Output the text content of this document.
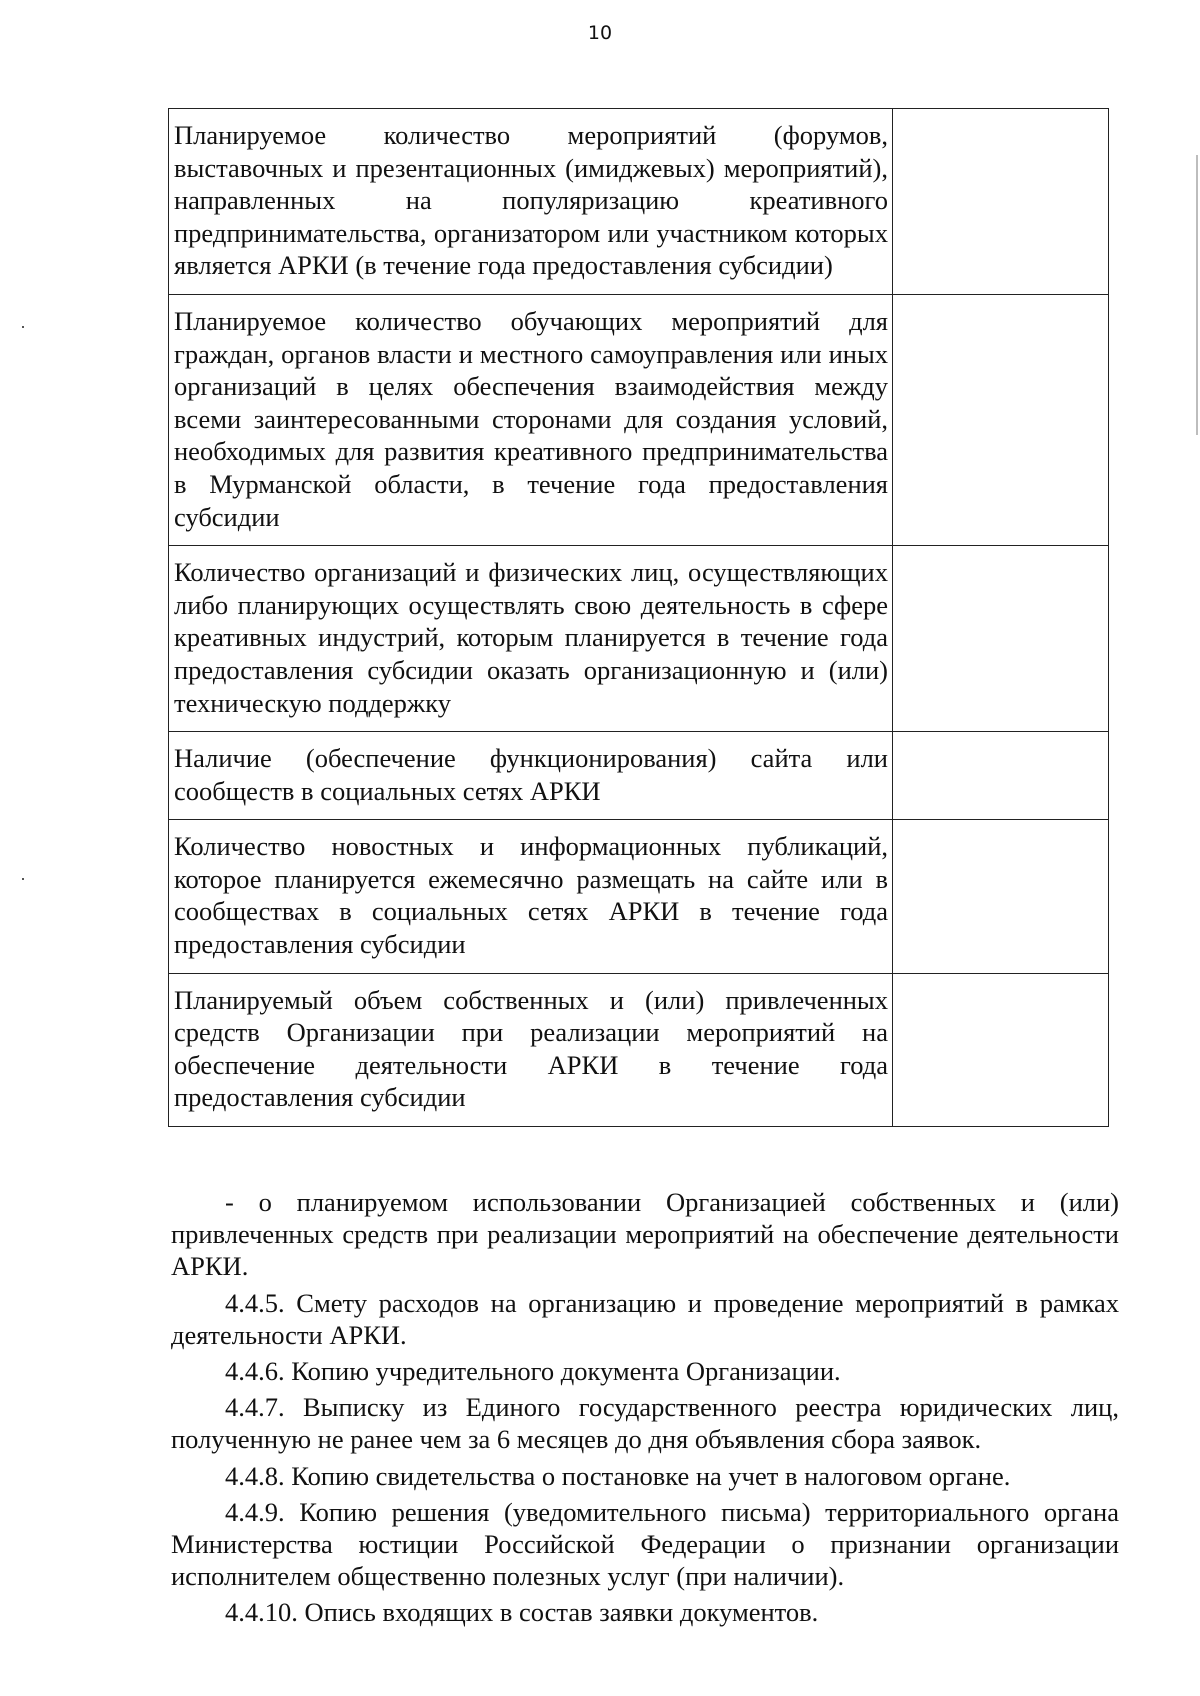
10
Планируемое количество мероприятий (форумов, выставочных и презентационных (имиджевых) мероприятий), направленных на популяризацию креативного предпринимательства, организатором или участником которых является АРКИ (в течение года предоставления субсидии)	
Планируемое количество обучающих мероприятий для граждан, органов власти и местного самоуправления или иных организаций в целях обеспечения взаимодействия между всеми заинтересованными сторонами для создания условий, необходимых для развития креативного предпринимательства в Мурманской области, в течение года предоставления субсидии	
Количество организаций и физических лиц, осуществляющих либо планирующих осуществлять свою деятельность в сфере креативных индустрий, которым планируется в течение года предоставления субсидии оказать организационную и (или) техническую поддержку	
Наличие (обеспечение функционирования) сайта или сообществ в социальных сетях АРКИ	
Количество новостных и информационных публикаций, которое планируется ежемесячно размещать на сайте или в сообществах в социальных сетях АРКИ в течение года предоставления субсидии	
Планируемый объем собственных и (или) привлеченных средств Организации при реализации мероприятий на обеспечение деятельности АРКИ в течение года предоставления субсидии	

- о планируемом использовании Организацией собственных и (или) привлеченных средств при реализации мероприятий на обеспечение деятельности АРКИ.

4.4.5. Смету расходов на организацию и проведение мероприятий в рамках деятельности АРКИ.

4.4.6. Копию учредительного документа Организации.

4.4.7. Выписку из Единого государственного реестра юридических лиц, полученную не ранее чем за 6 месяцев до дня объявления сбора заявок.

4.4.8. Копию свидетельства о постановке на учет в налоговом органе.

4.4.9. Копию решения (уведомительного письма) территориального органа Министерства юстиции Российской Федерации о признании организации исполнителем общественно полезных услуг (при наличии).

4.4.10. Опись входящих в состав заявки документов.
